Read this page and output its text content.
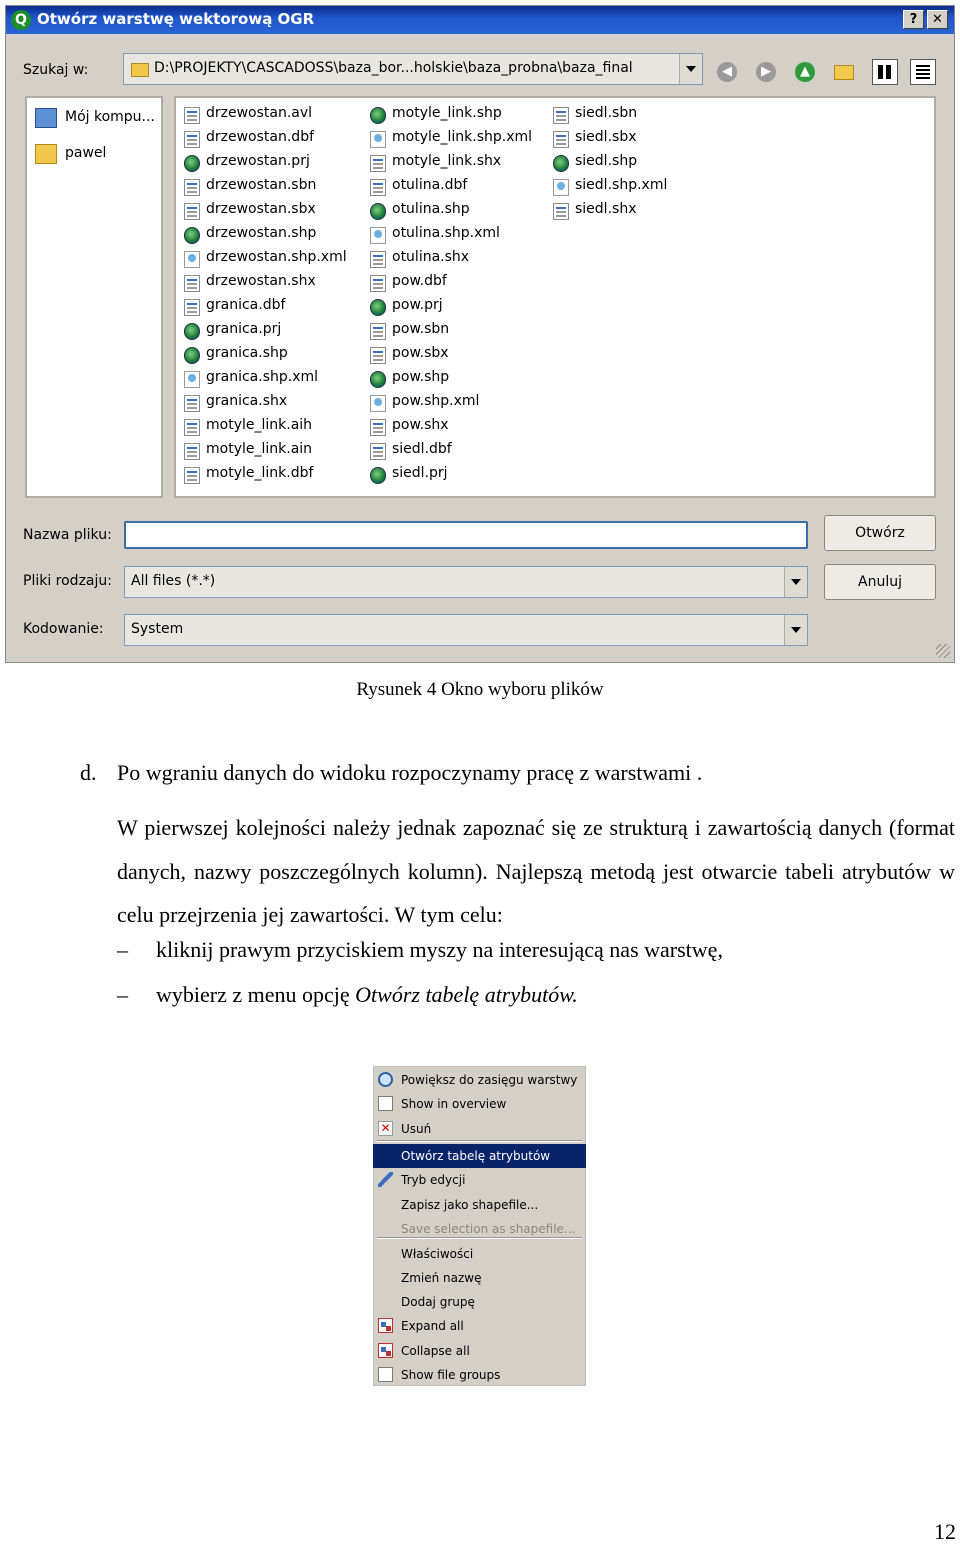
Q Otwórz warstwę wektorową OGR	?	✕
Szukaj w:	D:\PROJEKTY\CASCADOSS\baza_bor...holskie\baza_probna\baza_final	◀	▶	▲
Mój kompu...
pawel
drzewostan.avl
drzewostan.dbf
drzewostan.prj
drzewostan.sbn
drzewostan.sbx
drzewostan.shp
drzewostan.shp.xml
drzewostan.shx
granica.dbf
granica.prj
granica.shp
granica.shp.xml
granica.shx
motyle_link.aih
motyle_link.ain
motyle_link.dbf
motyle_link.shp
motyle_link.shp.xml
motyle_link.shx
otulina.dbf
otulina.shp
otulina.shp.xml
otulina.shx
pow.dbf
pow.prj
pow.sbn
pow.sbx
pow.shp
pow.shp.xml
pow.shx
siedl.dbf
siedl.prj
siedl.sbn
siedl.sbx
siedl.shp
siedl.shp.xml
siedl.shx
Nazwa pliku:
Pliki rodzaju: All files (*.*)
Kodowanie: System
Otwórz
Anuluj
Rysunek 4 Okno wyboru plików
d. Po wgraniu danych do widoku rozpoczynamy pracę z warstwami .
W pierwszej kolejności należy jednak zapoznać się ze strukturą i zawartością danych (format danych, nazwy poszczególnych kolumn). Najlepszą metodą jest otwarcie tabeli atrybutów w celu przejrzenia jej zawartości. W tym celu:
– kliknij prawym przyciskiem myszy na interesującą nas warstwę,
– wybierz z menu opcję Otwórz tabelę atrybutów.
Powiększ do zasięgu warstwy
Show in overview
✕ Usuń
Otwórz tabelę atrybutów
Tryb edycji
Zapisz jako shapefile...
Save selection as shapefile...
Właściwości
Zmień nazwę
Dodaj grupę
Expand all
Collapse all
Show file groups
12
